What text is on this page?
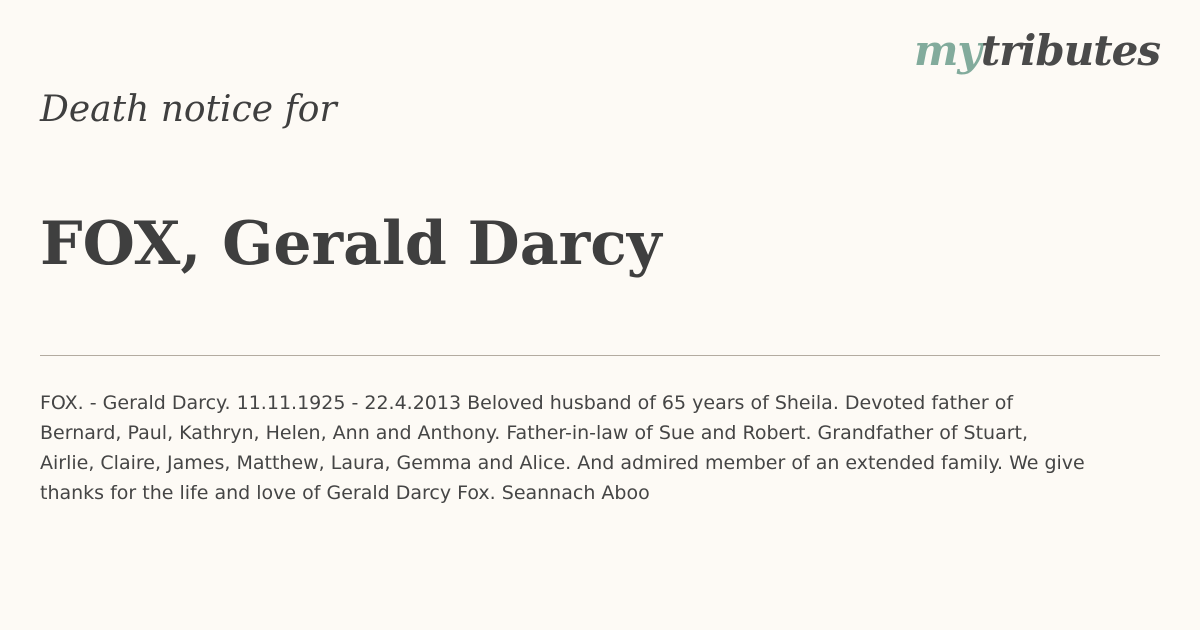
mytributes
Death notice for
FOX, Gerald Darcy

FOX. - Gerald Darcy. 11.11.1925 - 22.4.2013 Beloved husband of 65 years of Sheila. Devoted father of
Bernard, Paul, Kathryn, Helen, Ann and Anthony. Father-in-law of Sue and Robert. Grandfather of Stuart,
Airlie, Claire, James, Matthew, Laura, Gemma and Alice. And admired member of an extended family. We give
thanks for the life and love of Gerald Darcy Fox. Seannach Aboo
